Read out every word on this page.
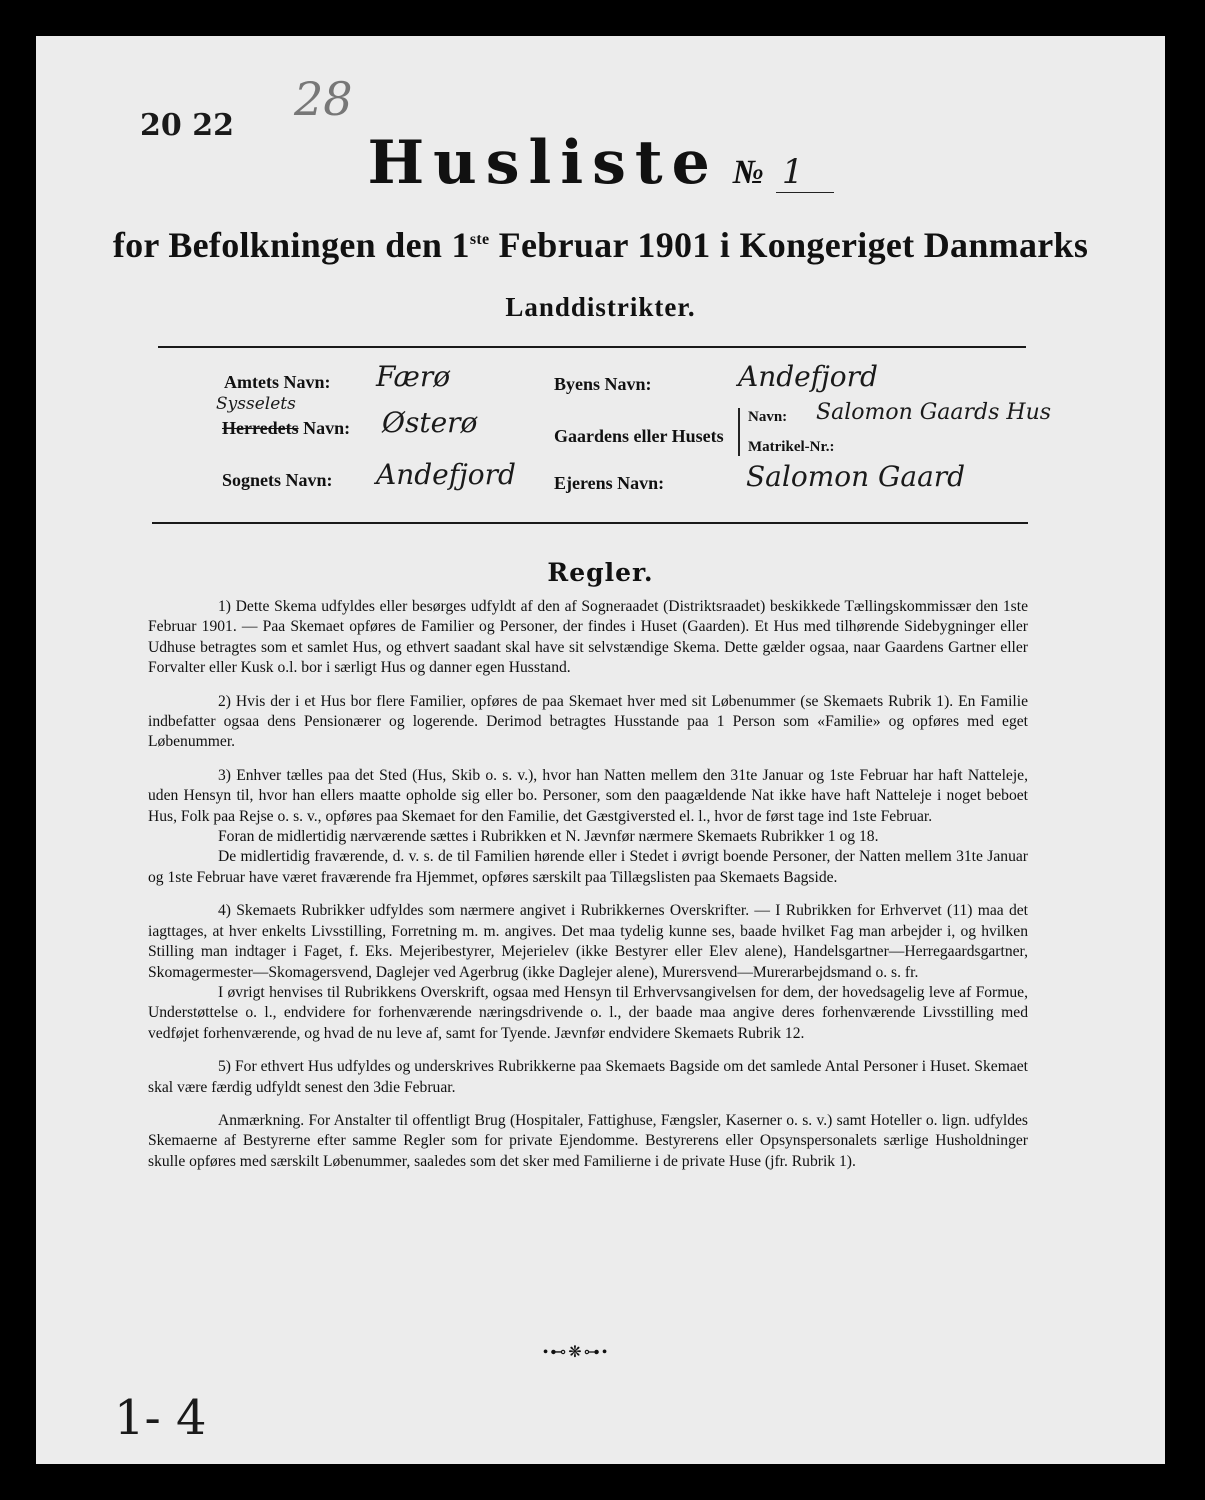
20 22 28
Husliste № 1
for Befolkningen den 1ste Februar 1901 i Kongeriget Danmarks
Landdistrikter.
Amtets Navn: Færø
Sysselets
Herredets Navn: Østerø
Sognets Navn: Andefjord
Byens Navn:	Andefjord
Gaardens eller Husets
Navn: Salomon Gaards Hus
Matrikel-Nr.:
Ejerens Navn:	Salomon Gaard
Regler.

1) Dette Skema udfyldes eller besørges udfyldt af den af Sogneraadet (Distriktsraadet) beskikkede Tællingskommissær den 1ste Februar 1901. — Paa Skemaet opføres de Familier og Personer, der findes i Huset (Gaarden). Et Hus med tilhørende Sidebygninger eller Udhuse betragtes som et samlet Hus, og ethvert saadant skal have sit selvstændige Skema. Dette gælder ogsaa, naar Gaardens Gartner eller Forvalter eller Kusk o.l. bor i særligt Hus og danner egen Husstand.

2) Hvis der i et Hus bor flere Familier, opføres de paa Skemaet hver med sit Løbenummer (se Skemaets Rubrik 1). En Familie indbefatter ogsaa dens Pensionærer og logerende. Derimod betragtes Husstande paa 1 Person som «Familie» og opføres med eget Løbenummer.

3) Enhver tælles paa det Sted (Hus, Skib o. s. v.), hvor han Natten mellem den 31te Januar og 1ste Februar har haft Natteleje, uden Hensyn til, hvor han ellers maatte opholde sig eller bo. Personer, som den paagældende Nat ikke have haft Natteleje i noget beboet Hus, Folk paa Rejse o. s. v., opføres paa Skemaet for den Familie, det Gæstgiversted el. l., hvor de først tage ind 1ste Februar.

Foran de midlertidig nærværende sættes i Rubrikken et N. Jævnfør nærmere Skemaets Rubrikker 1 og 18.

De midlertidig fraværende, d. v. s. de til Familien hørende eller i Stedet i øvrigt boende Personer, der Natten mellem 31te Januar og 1ste Februar have været fraværende fra Hjemmet, opføres særskilt paa Tillægslisten paa Skemaets Bagside.

4) Skemaets Rubrikker udfyldes som nærmere angivet i Rubrikkernes Overskrifter. — I Rubrikken for Erhvervet (11) maa det iagttages, at hver enkelts Livsstilling, Forretning m. m. angives. Det maa tydelig kunne ses, baade hvilket Fag man arbejder i, og hvilken Stilling man indtager i Faget, f. Eks. Mejeribestyrer, Mejerielev (ikke Bestyrer eller Elev alene), Handelsgartner—Herregaardsgartner, Skomagermester—Skomagersvend, Daglejer ved Agerbrug (ikke Daglejer alene), Murersvend—Murerarbejdsmand o. s. fr.

I øvrigt henvises til Rubrikkens Overskrift, ogsaa med Hensyn til Erhvervsangivelsen for dem, der hovedsagelig leve af Formue, Understøttelse o. l., endvidere for forhenværende næringsdrivende o. l., der baade maa angive deres forhenværende Livsstilling med vedføjet forhenværende, og hvad de nu leve af, samt for Tyende. Jævnfør endvidere Skemaets Rubrik 12.

5) For ethvert Hus udfyldes og underskrives Rubrikkerne paa Skemaets Bagside om det samlede Antal Personer i Huset. Skemaet skal være færdig udfyldt senest den 3die Februar.

Anmærkning. For Anstalter til offentligt Brug (Hospitaler, Fattighuse, Fængsler, Kaserner o. s. v.) samt Hoteller o. lign. udfyldes Skemaerne af Bestyrerne efter samme Regler som for private Ejendomme. Bestyrerens eller Opsynspersonalets særlige Husholdninger skulle opføres med særskilt Løbenummer, saaledes som det sker med Familierne i de private Huse (jfr. Rubrik 1).

•⊷❋⊶•
1- 4
